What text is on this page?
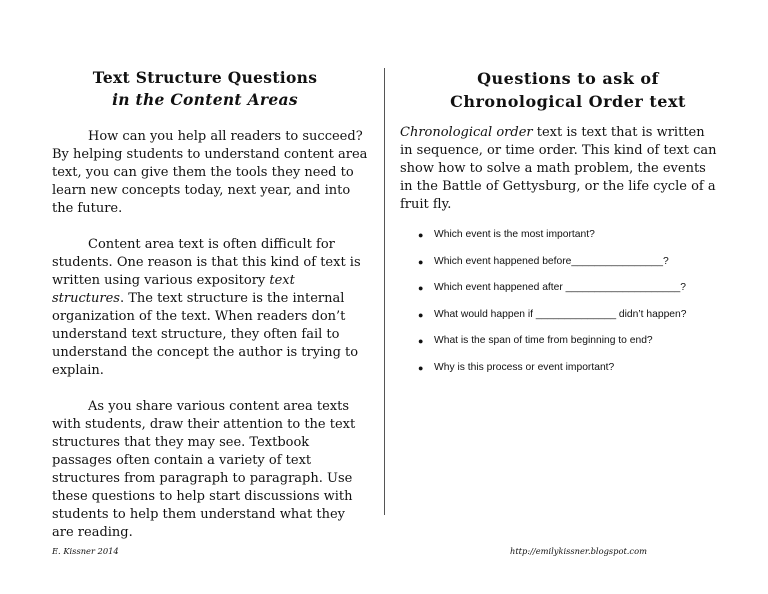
Text Structure Questions
in the Content Areas

How can you help all readers to succeed? By helping students to understand content area text, you can give them the tools they need to learn new concepts today, next year, and into the future.

Content area text is often difficult for students. One reason is that this kind of text is written using various expository text structures. The text structure is the internal organization of the text. When readers don’t understand text structure, they often fail to understand the concept the author is trying to explain.

As you share various content area texts with students, draw their attention to the text structures that they may see. Textbook passages often contain a variety of text structures from paragraph to paragraph. Use these questions to help start discussions with students to help them understand what they are reading.

Questions to ask of
Chronological Order text

Chronological order text is text that is written in sequence, or time order. This kind of text can show how to solve a math problem, the events in the Battle of Gettysburg, or the life cycle of a fruit fly.

● Which event is the most important?
● Which event happened before________________?
● Which event happened after ____________________?
● What would happen if ______________ didn’t happen?
● What is the span of time from beginning to end?
● Why is this process or event important?
E. Kissner 2014	http://emilykissner.blogspot.com
